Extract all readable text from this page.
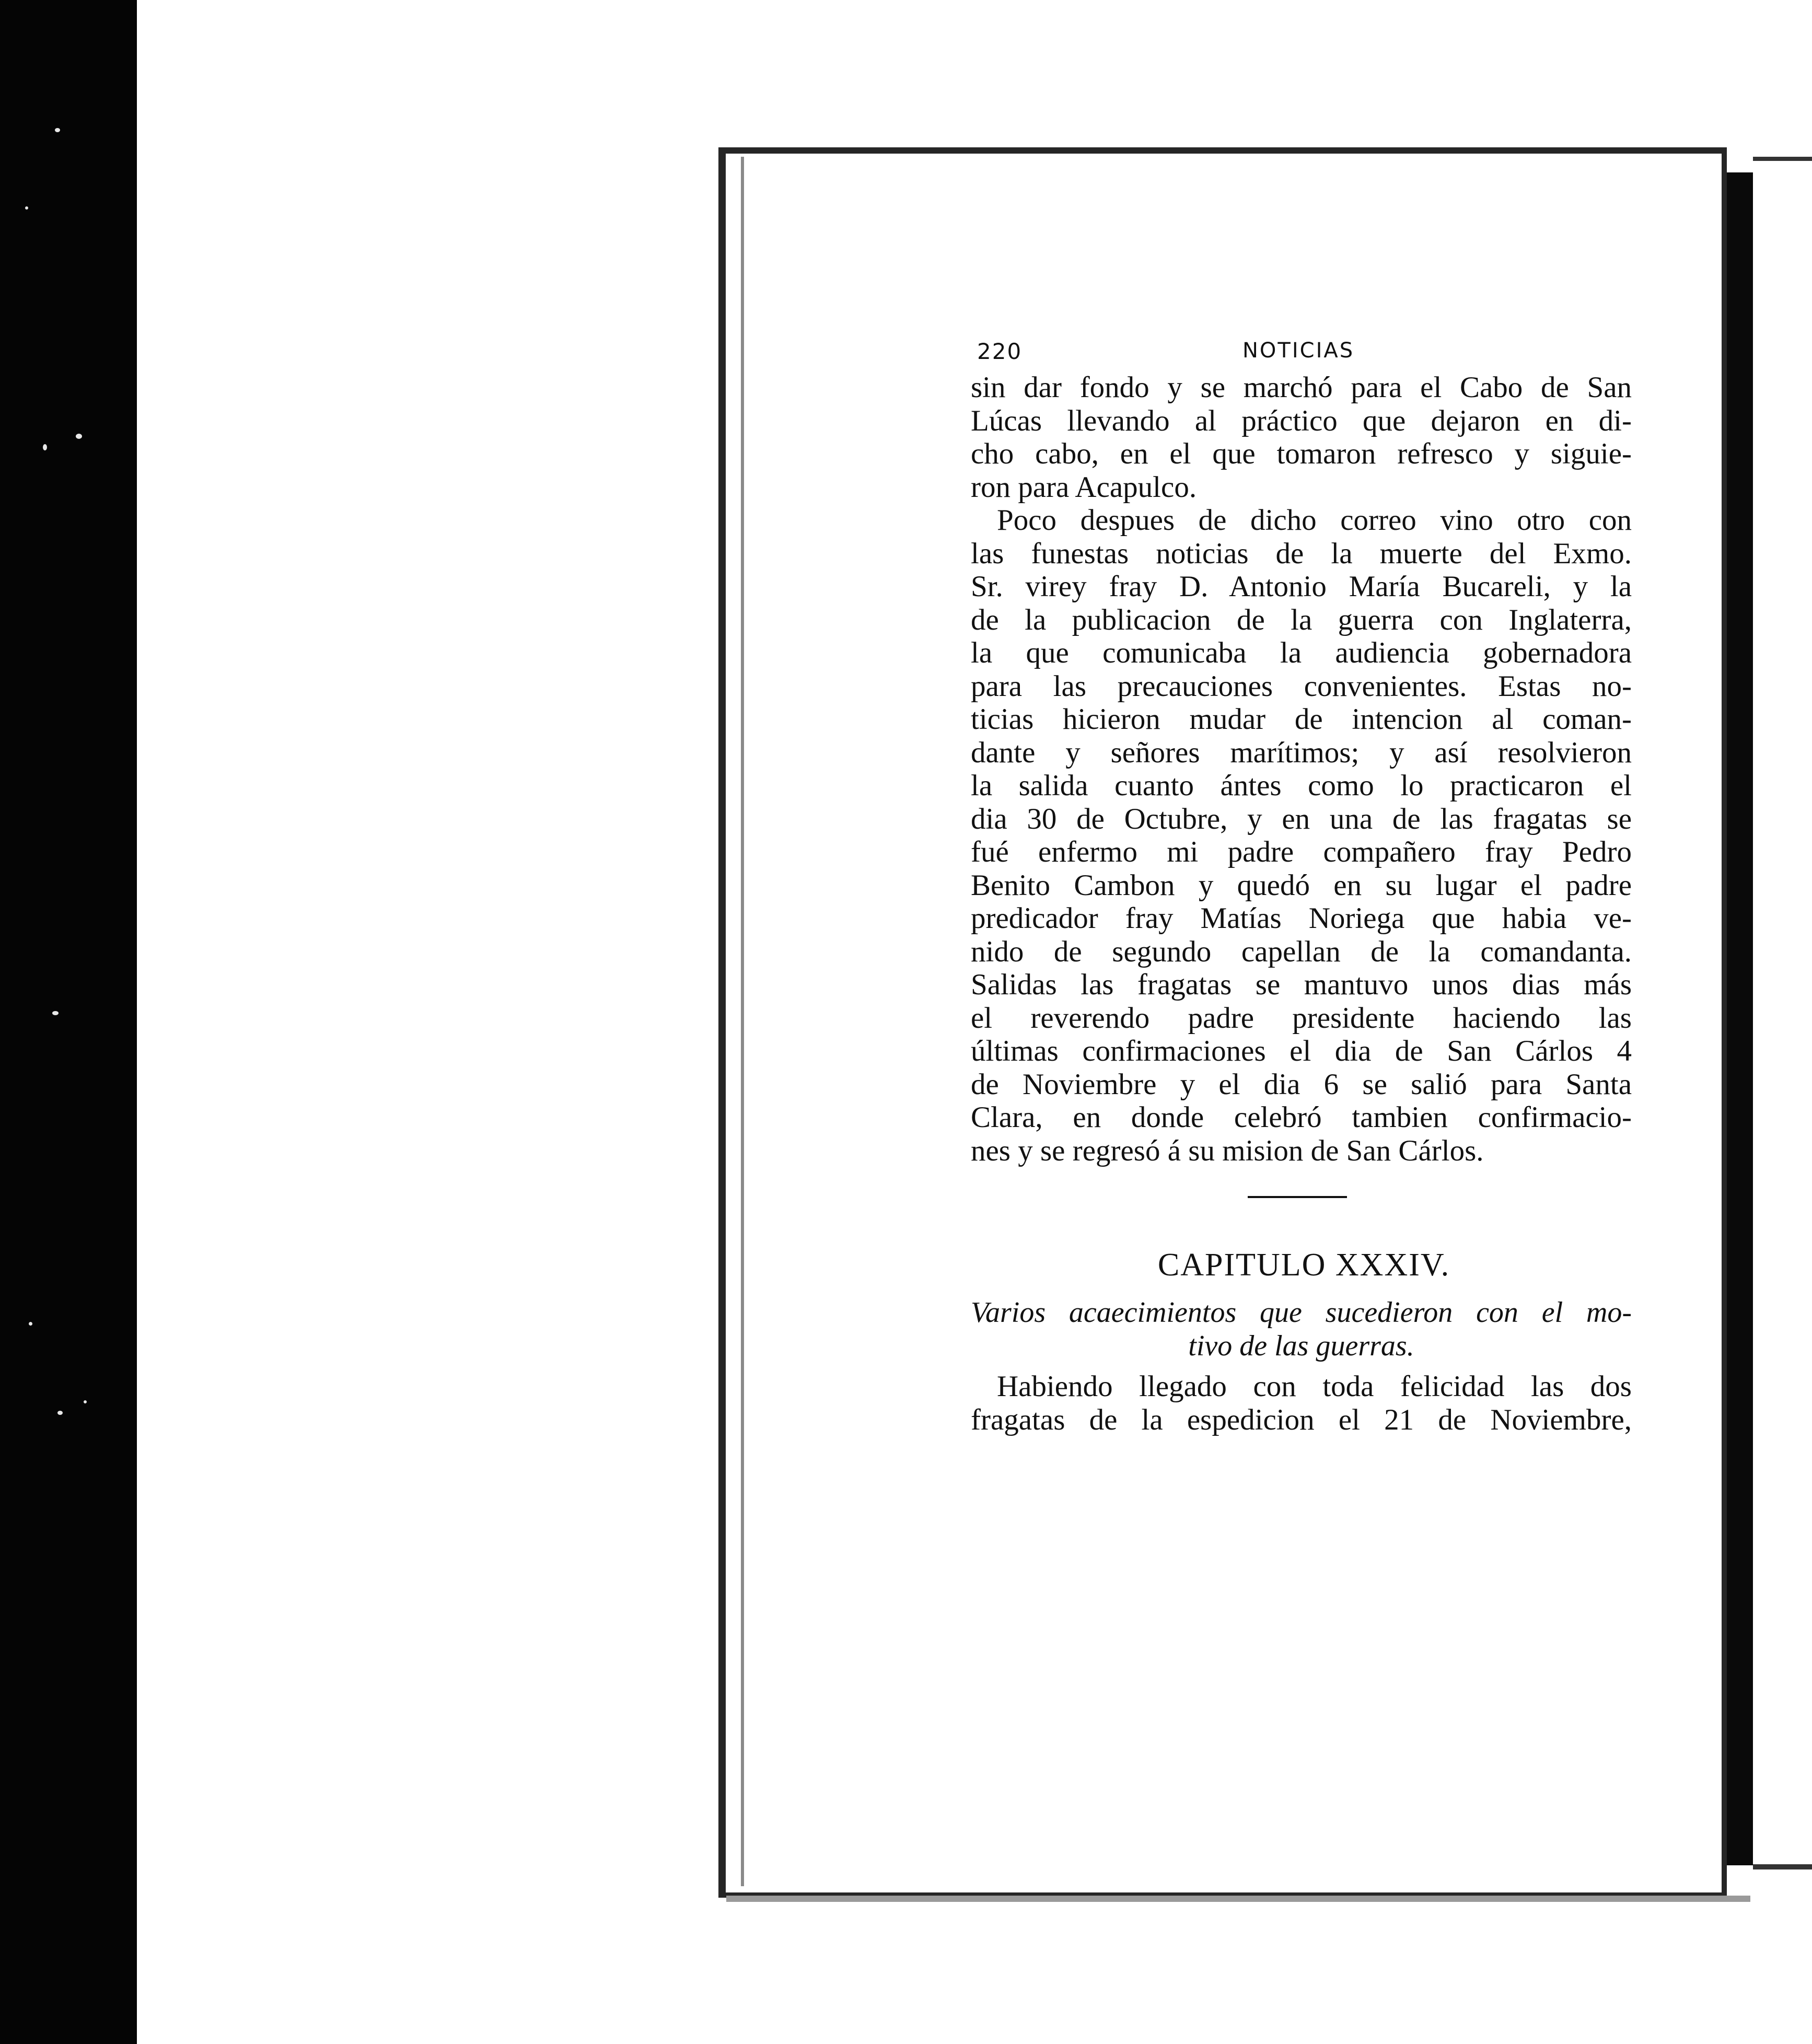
220	NOTICIAS
sin dar fondo y se marchó para el Cabo de San
Lúcas llevando al práctico que dejaron en di-
cho cabo, en el que tomaron refresco y siguie-
ron para Acapulco.
Poco despues de dicho correo vino otro con
las funestas noticias de la muerte del Exmo.
Sr. virey fray D. Antonio María Bucareli, y la
de la publicacion de la guerra con Inglaterra,
la que comunicaba la audiencia gobernadora
para las precauciones convenientes. Estas no-
ticias hicieron mudar de intencion al coman-
dante y señores marítimos; y así resolvieron
la salida cuanto ántes como lo practicaron el
dia 30 de Octubre, y en una de las fragatas se
fué enfermo mi padre compañero fray Pedro
Benito Cambon y quedó en su lugar el padre
predicador fray Matías Noriega que habia ve-
nido de segundo capellan de la comandanta.
Salidas las fragatas se mantuvo unos dias más
el reverendo padre presidente haciendo las
últimas confirmaciones el dia de San Cárlos 4
de Noviembre y el dia 6 se salió para Santa
Clara, en donde celebró tambien confirmacio-
nes y se regresó á su mision de San Cárlos.
CAPITULO XXXIV.
Varios acaecimientos que sucedieron con el mo-
tivo de las guerras.
Habiendo llegado con toda felicidad las dos
fragatas de la espedicion el 21 de Noviembre,
